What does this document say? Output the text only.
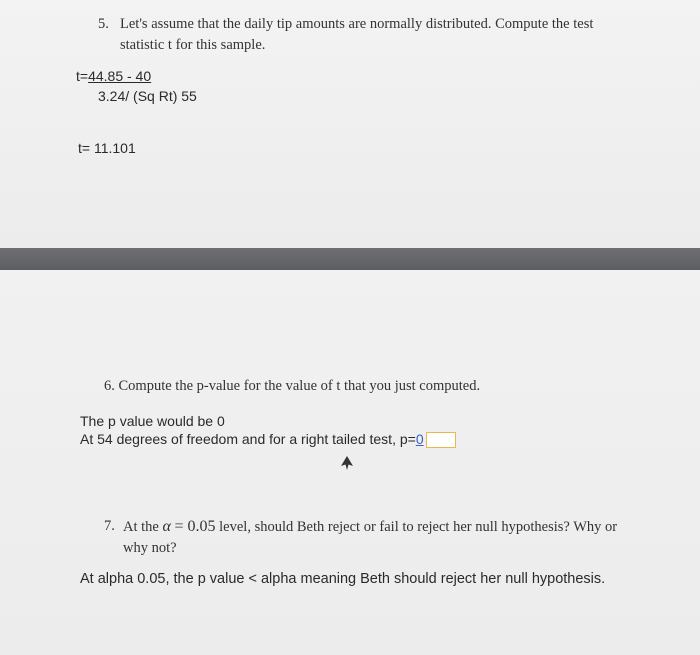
5. Let's assume that the daily tip amounts are normally distributed. Compute the test
statistic t for this sample.
t=44.85 - 40
3.24/ (Sq Rt) 55
t= 11.101
6. Compute the p-value for the value of t that you just computed.
The p value would be 0
At 54 degrees of freedom and for a right tailed test, p=0
7. At the α = 0.05 level, should Beth reject or fail to reject her null hypothesis? Why or
why not?
At alpha 0.05, the p value < alpha meaning Beth should reject her null hypothesis.
